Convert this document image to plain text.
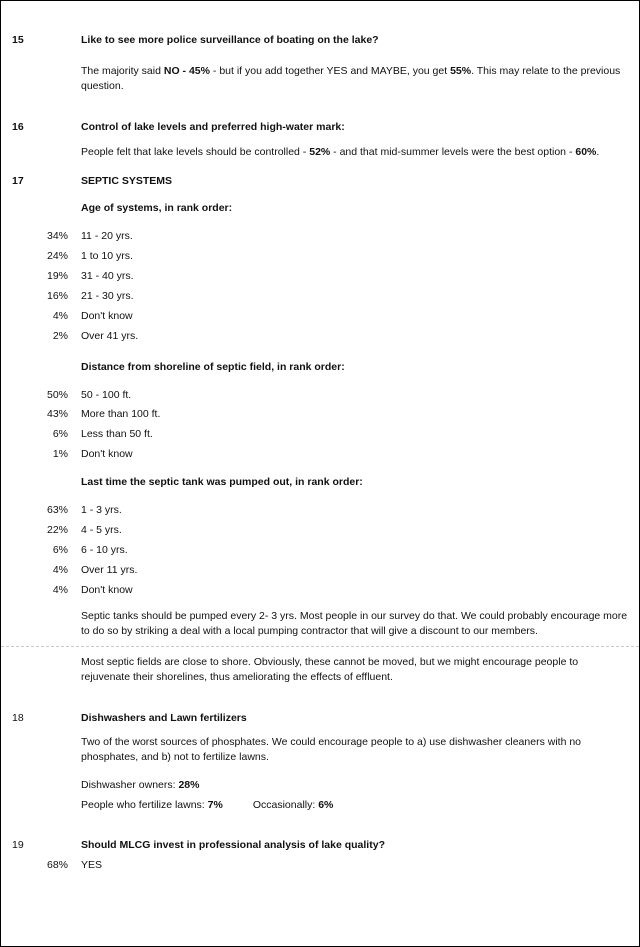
15	Like to see more police surveillance of boating on the lake?
The majority said NO - 45% - but if you add together YES and MAYBE, you get 55%. This may relate to the previous question.
16	Control of lake levels and preferred high-water mark:
People felt that lake levels should be controlled - 52% - and that mid-summer levels were the best option - 60%.
17	SEPTIC SYSTEMS
Age of systems, in rank order:
34% 11 - 20 yrs.
24% 1 to 10 yrs.
19% 31 - 40 yrs.
16% 21 - 30 yrs.
4% Don't know
2% Over 41 yrs.
Distance from shoreline of septic field, in rank order:
50% 50 - 100 ft.
43% More than 100 ft.
6% Less than 50 ft.
1% Don't know
Last time the septic tank was pumped out, in rank order:
63% 1 - 3 yrs.
22% 4 - 5 yrs.
6% 6 - 10 yrs.
4% Over 11 yrs.
4% Don't know
Septic tanks should be pumped every 2- 3 yrs. Most people in our survey do that. We could probably encourage more to do so by striking a deal with a local pumping contractor that will give a discount to our members.
Most septic fields are close to shore. Obviously, these cannot be moved, but we might encourage people to rejuvenate their shorelines, thus ameliorating the effects of effluent.
18	Dishwashers and Lawn fertilizers
Two of the worst sources of phosphates. We could encourage people to a) use dishwasher cleaners with no phosphates, and b) not to fertilize lawns.
Dishwasher owners: 28%
People who fertilize lawns: 7%	Occasionally: 6%
19	Should MLCG invest in professional analysis of lake quality?
68% YES
